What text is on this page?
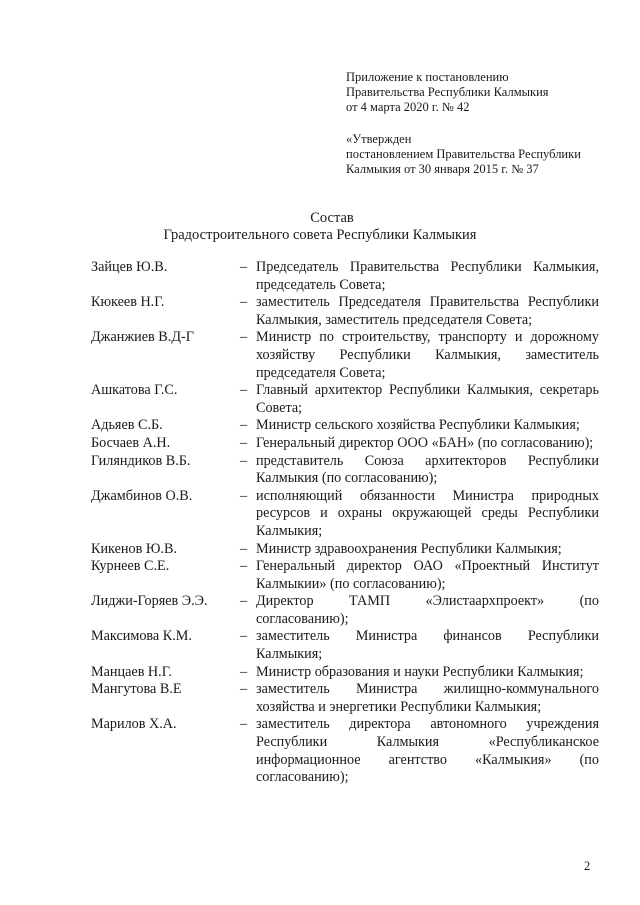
Приложение к постановлению
Правительства Республики Калмыкия
от 4 марта 2020 г. № 42
«Утвержден
постановлением Правительства Республики
Калмыкия от 30 января 2015 г. № 37
Состав
Градостроительного совета Республики Калмыкия
Зайцев Ю.В.	– Председатель Правительства Республики Калмыкия, председатель Совета;
Кюкеев Н.Г.	– заместитель Председателя Правительства Республики Калмыкия, заместитель председателя Совета;
Джанжиев В.Д-Г	– Министр по строительству, транспорту и дорожному хозяйству Республики Калмыкия, заместитель председателя Совета;
Ашкатова Г.С.	– Главный архитектор Республики Калмыкия, секретарь Совета;
Адьяев С.Б.	– Министр сельского хозяйства Республики Калмыкия;
Босчаев А.Н.	– Генеральный директор ООО «БАН» (по согласованию);
Гиляндиков В.Б.	– представитель Союза архитекторов Республики Калмыкия (по согласованию);
Джамбинов О.В.	– исполняющий обязанности Министра природных ресурсов и охраны окружающей среды Республики Калмыкия;
Кикенов Ю.В.	– Министр здравоохранения Республики Калмыкия;
Курнеев С.Е.	– Генеральный директор ОАО «Проектный Институт Калмыкии» (по согласованию);
Лиджи-Горяев Э.Э.	– Директор ТАМП «Элистаархпроект» (по согласованию);
Максимова К.М.	– заместитель Министра финансов Республики Калмыкия;
Манцаев Н.Г.	– Министр образования и науки Республики Калмыкия;
Мангутова В.Е	– заместитель Министра жилищно-коммунального хозяйства и энергетики Республики Калмыкия;
Марилов Х.А.	– заместитель директора автономного учреждения Республики Калмыкия «Республиканское информационное агентство «Калмыкия» (по согласованию);
2
